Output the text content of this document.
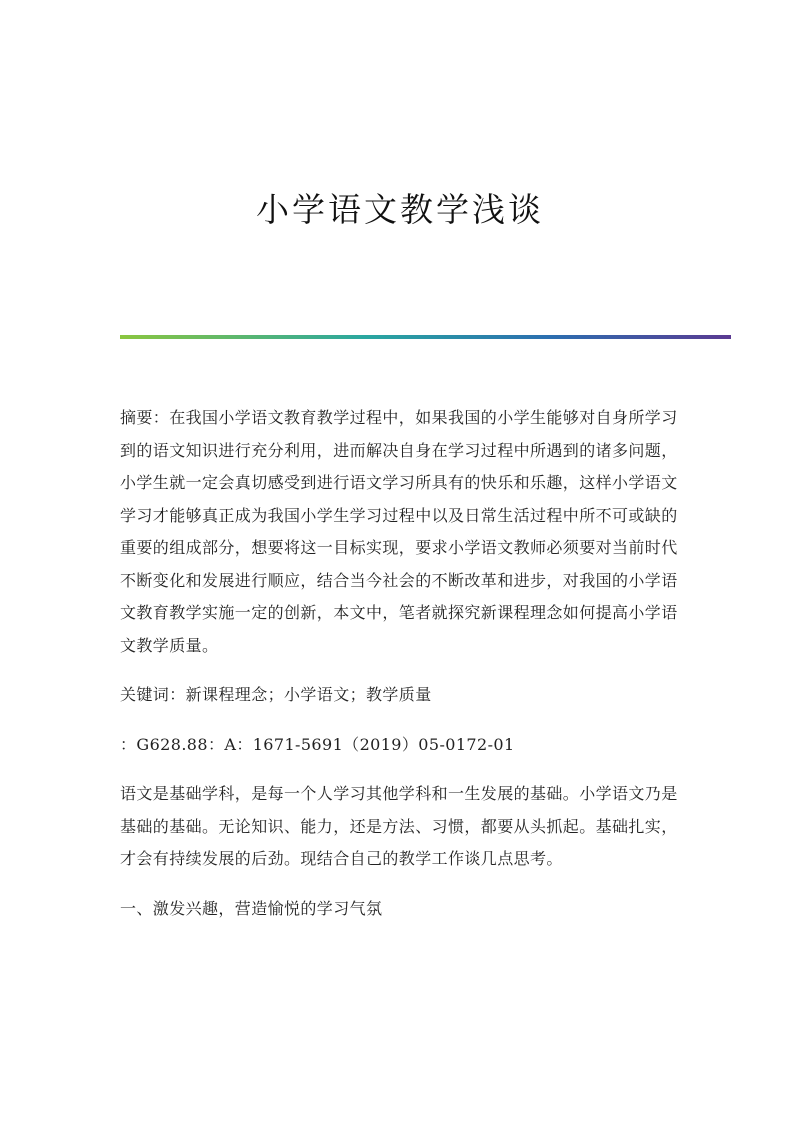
小学语文教学浅谈

摘要：在我国小学语文教育教学过程中，如果我国的小学生能够对自身所学习到的语文知识进行充分利用，进而解决自身在学习过程中所遇到的诸多问题，小学生就一定会真切感受到进行语文学习所具有的快乐和乐趣，这样小学语文学习才能够真正成为我国小学生学习过程中以及日常生活过程中所不可或缺的重要的组成部分，想要将这一目标实现，要求小学语文教师必须要对当前时代不断变化和发展进行顺应，结合当今社会的不断改革和进步，对我国的小学语文教育教学实施一定的创新，本文中，笔者就探究新课程理念如何提高小学语文教学质量。

关键词：新课程理念；小学语文；教学质量

：G628.88：A：1671-5691（2019）05-0172-01

语文是基础学科，是每一个人学习其他学科和一生发展的基础。小学语文乃是基础的基础。无论知识、能力，还是方法、习惯，都要从头抓起。基础扎实，才会有持续发展的后劲。现结合自己的教学工作谈几点思考。

一、激发兴趣，营造愉悦的学习气氛
